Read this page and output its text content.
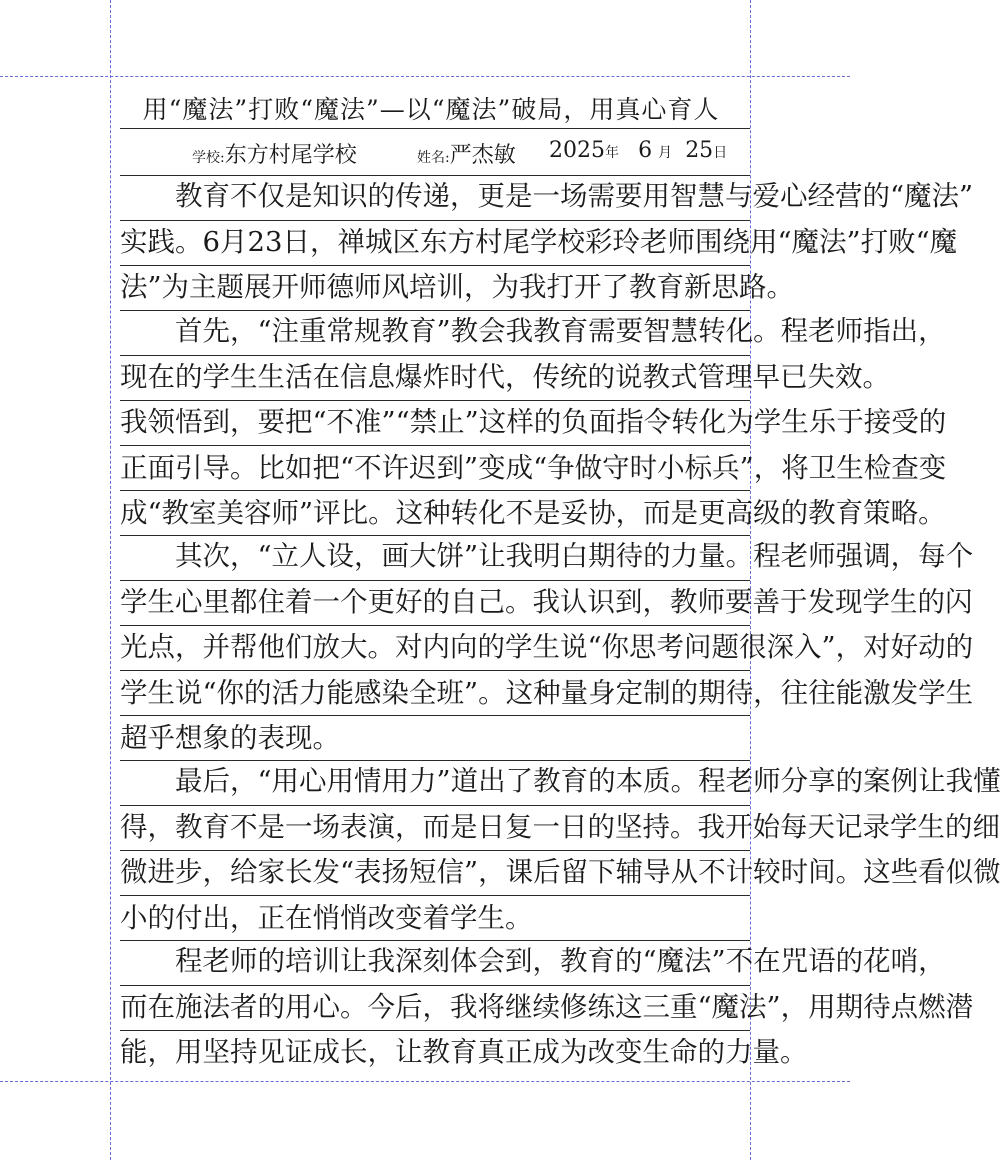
用“魔法”打败“魔法”—以“魔法”破局，用真心育人
学校:东方村尾学校	姓名:严杰敏 2025年 6 月 25日
　　教育不仅是知识的传递，更是一场需要用智慧与爱心经营的“魔法”
实践。6月23日，禅城区东方村尾学校彩玲老师围绕用“魔法”打败“魔
法”为主题展开师德师风培训，为我打开了教育新思路。
　　首先，“注重常规教育”教会我教育需要智慧转化。程老师指出，
现在的学生生活在信息爆炸时代，传统的说教式管理早已失效。
我领悟到，要把“不准”“禁止”这样的负面指令转化为学生乐于接受的
正面引导。比如把“不许迟到”变成“争做守时小标兵”，将卫生检查变
成“教室美容师”评比。这种转化不是妥协，而是更高级的教育策略。
　　其次，“立人设，画大饼”让我明白期待的力量。程老师强调，每个
学生心里都住着一个更好的自己。我认识到，教师要善于发现学生的闪
光点，并帮他们放大。对内向的学生说“你思考问题很深入”，对好动的
学生说“你的活力能感染全班”。这种量身定制的期待，往往能激发学生
超乎想象的表现。
　　最后，“用心用情用力”道出了教育的本质。程老师分享的案例让我懂
得，教育不是一场表演，而是日复一日的坚持。我开始每天记录学生的细
微进步，给家长发“表扬短信”，课后留下辅导从不计较时间。这些看似微
小的付出，正在悄悄改变着学生。
　　程老师的培训让我深刻体会到，教育的“魔法”不在咒语的花哨，
而在施法者的用心。今后，我将继续修练这三重“魔法”，用期待点燃潜
能，用坚持见证成长，让教育真正成为改变生命的力量。
